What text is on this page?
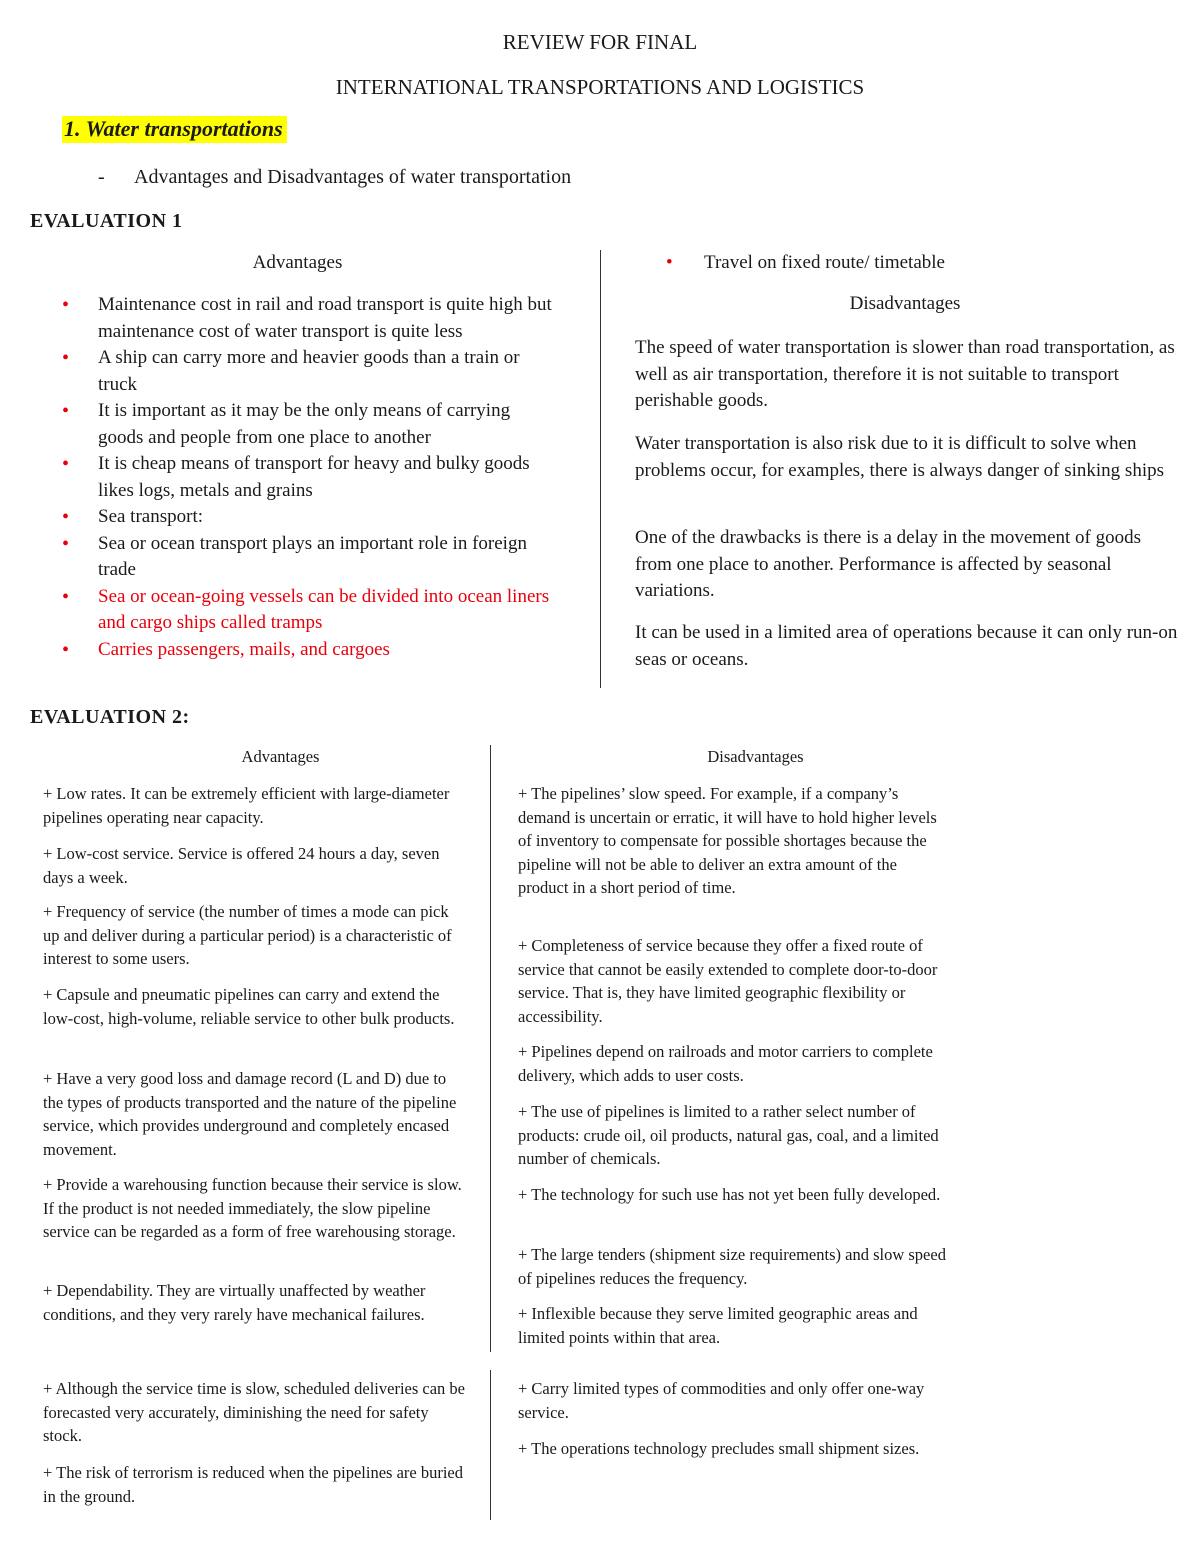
REVIEW FOR FINAL
INTERNATIONAL TRANSPORTATIONS AND LOGISTICS
1. Water transportations
- Advantages and Disadvantages of water transportation
EVALUATION 1
Advantages
• Maintenance cost in rail and road transport is quite high but maintenance cost of water transport is quite less
• A ship can carry more and heavier goods than a train or truck
• It is important as it may be the only means of carrying goods and people from one place to another
• It is cheap means of transport for heavy and bulky goods likes logs, metals and grains
• Sea transport:
• Sea or ocean transport plays an important role in foreign trade
• Sea or ocean-going vessels can be divided into ocean liners and cargo ships called tramps
• Carries passengers, mails, and cargoes
• Travel on fixed route/ timetable
Disadvantages

The speed of water transportation is slower than road transportation, as well as air transportation, therefore it is not suitable to transport perishable goods.

Water transportation is also risk due to it is difficult to solve when problems occur, for examples, there is always danger of sinking ships

One of the drawbacks is there is a delay in the movement of goods from one place to another. Performance is affected by seasonal variations.

It can be used in a limited area of operations because it can only run-on seas or oceans.

EVALUATION 2:
Advantages	Disadvantages

+ Low rates. It can be extremely efficient with large-diameter pipelines operating near capacity.

+ Low-cost service. Service is offered 24 hours a day, seven days a week.

+ Frequency of service (the number of times a mode can pick up and deliver during a particular period) is a characteristic of interest to some users.

+ Capsule and pneumatic pipelines can carry and extend the low-cost, high-volume, reliable service to other bulk products.

+ Have a very good loss and damage record (L and D) due to the types of products transported and the nature of the pipeline service, which provides underground and completely encased movement.

+ Provide a warehousing function because their service is slow. If the product is not needed immediately, the slow pipeline service can be regarded as a form of free warehousing storage.

+ Dependability. They are virtually unaffected by weather conditions, and they very rarely have mechanical failures.

+ The pipelines’ slow speed. For example, if a company’s demand is uncertain or erratic, it will have to hold higher levels of inventory to compensate for possible shortages because the pipeline will not be able to deliver an extra amount of the product in a short period of time.

+ Completeness of service because they offer a fixed route of service that cannot be easily extended to complete door-to-door service. That is, they have limited geographic flexibility or accessibility.

+ Pipelines depend on railroads and motor carriers to complete delivery, which adds to user costs.

+ The use of pipelines is limited to a rather select number of products: crude oil, oil products, natural gas, coal, and a limited number of chemicals.

+ The technology for such use has not yet been fully developed.

+ The large tenders (shipment size requirements) and slow speed of pipelines reduces the frequency.

+ Inflexible because they serve limited geographic areas and limited points within that area.

+ Although the service time is slow, scheduled deliveries can be forecasted very accurately, diminishing the need for safety stock.

+ The risk of terrorism is reduced when the pipelines are buried in the ground.

+ Carry limited types of commodities and only offer one-way service.

+ The operations technology precludes small shipment sizes.
